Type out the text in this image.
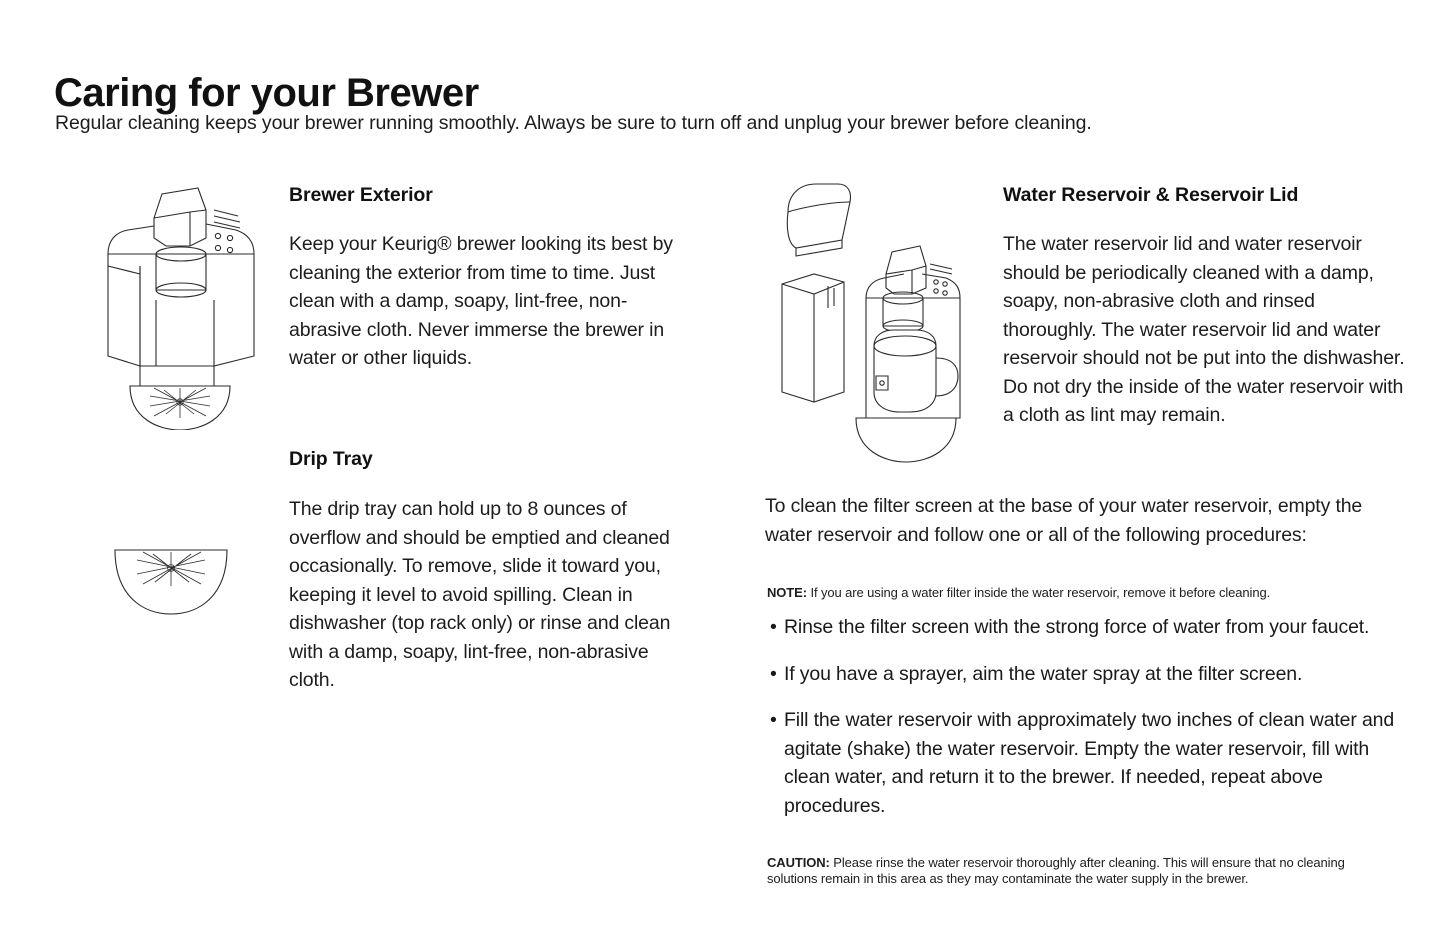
Caring for your Brewer
Regular cleaning keeps your brewer running smoothly. Always be sure to turn off and unplug your brewer before cleaning.
Brewer Exterior
Keep your Keurig® brewer looking its best by cleaning the exterior from time to time. Just clean with a damp, soapy, lint-free, non-abrasive cloth. Never immerse the brewer in water or other liquids.
Drip Tray
The drip tray can hold up to 8 ounces of overflow and should be emptied and cleaned occasionally. To remove, slide it toward you, keeping it level to avoid spilling. Clean in dishwasher (top rack only) or rinse and clean with a damp, soapy, lint-free, non-abrasive cloth.
Water Reservoir & Reservoir Lid
The water reservoir lid and water reservoir should be periodically cleaned with a damp, soapy, non-abrasive cloth and rinsed thoroughly. The water reservoir lid and water reservoir should not be put into the dishwasher. Do not dry the inside of the water reservoir with a cloth as lint may remain.
To clean the filter screen at the base of your water reservoir, empty the water reservoir and follow one or all of the following procedures:
NOTE: If you are using a water filter inside the water reservoir, remove it before cleaning.
• Rinse the filter screen with the strong force of water from your faucet.
• If you have a sprayer, aim the water spray at the filter screen.
• Fill the water reservoir with approximately two inches of clean water and agitate (shake) the water reservoir. Empty the water reservoir, fill with clean water, and return it to the brewer. If needed, repeat above procedures.
CAUTION: Please rinse the water reservoir thoroughly after cleaning. This will ensure that no cleaning solutions remain in this area as they may contaminate the water supply in the brewer.
